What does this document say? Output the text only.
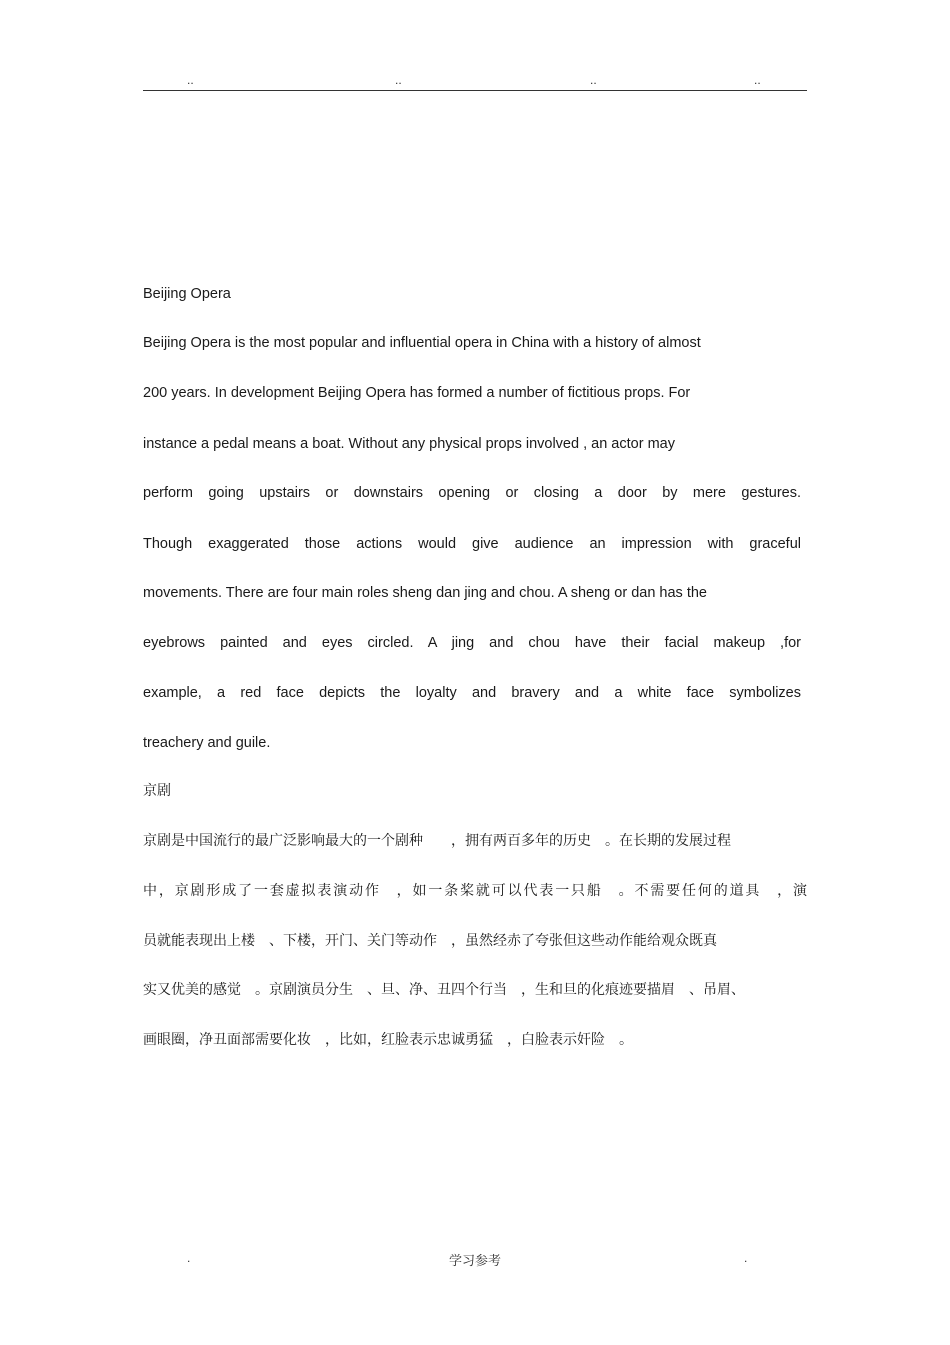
..	..	..	..
Beijing Opera
Beijing Opera is the most popular and influential opera in China with a history of almost
200 years. In development Beijing Opera has formed a number of fictitious props. For
instance a pedal means a boat. Without any physical props involved , an actor may
perform going upstairs or downstairs opening or closing a door by mere gestures.
Though exaggerated those actions would give audience an impression with graceful
movements. There are four main roles sheng dan jing and chou. A sheng or dan has the
eyebrows painted and eyes circled. A jing and chou have their facial makeup ,for
example, a red face depicts the loyalty and bravery and a white face symbolizes
treachery and guile.
京剧
京剧是中国流行的最广泛影响最大的一个剧种　　，拥有两百多年的历史　。在长期的发展过程
中，京剧形成了一套虚拟表演动作　，如一条桨就可以代表一只船　。不需要任何的道具　，演
员就能表现出上楼　、下楼，开门、关门等动作　，虽然经赤了夸张但这些动作能给观众既真
实又优美的感觉　。京剧演员分生　、旦、净、丑四个行当　，生和旦的化痕迹要描眉　、吊眉、
画眼圈，净丑面部需要化妆　，比如，红脸表示忠诚勇猛　，白脸表示奸险　。
.	学习参考	.
